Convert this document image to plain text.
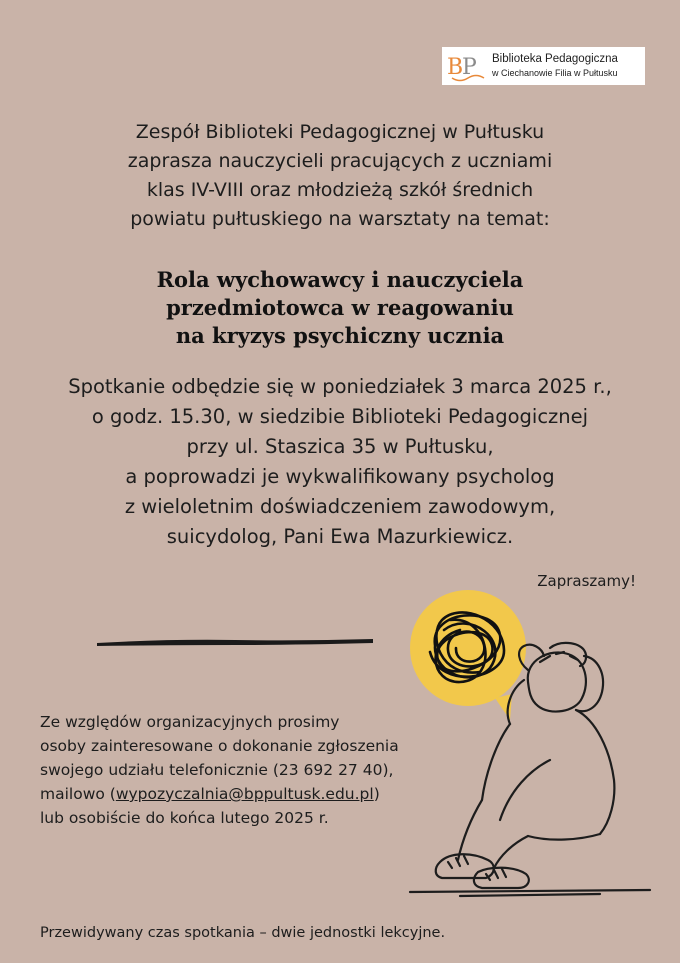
B
P Biblioteka Pedagogiczna
w Ciechanowie Filia w Pułtusku
Zespół Biblioteki Pedagogicznej w Pułtusku
zaprasza nauczycieli pracujących z uczniami
klas IV-VIII oraz młodzieżą szkół średnich
powiatu pułtuskiego na warsztaty na temat:
Rola wychowawcy i nauczyciela
przedmiotowca w reagowaniu
na kryzys psychiczny ucznia
Spotkanie odbędzie się w poniedziałek 3 marca 2025 r.,
o godz. 15.30, w siedzibie Biblioteki Pedagogicznej
przy ul. Staszica 35 w Pułtusku,
a poprowadzi je wykwalifikowany psycholog
z wieloletnim doświadczeniem zawodowym,
suicydolog, Pani Ewa Mazurkiewicz.
Zapraszamy!
Ze względów organizacyjnych prosimy
osoby zainteresowane o dokonanie zgłoszenia
swojego udziału telefonicznie (23 692 27 40),
mailowo (wypozyczalnia@bppultusk.edu.pl)
lub osobiście do końca lutego 2025 r.
Przewidywany czas spotkania – dwie jednostki lekcyjne.
